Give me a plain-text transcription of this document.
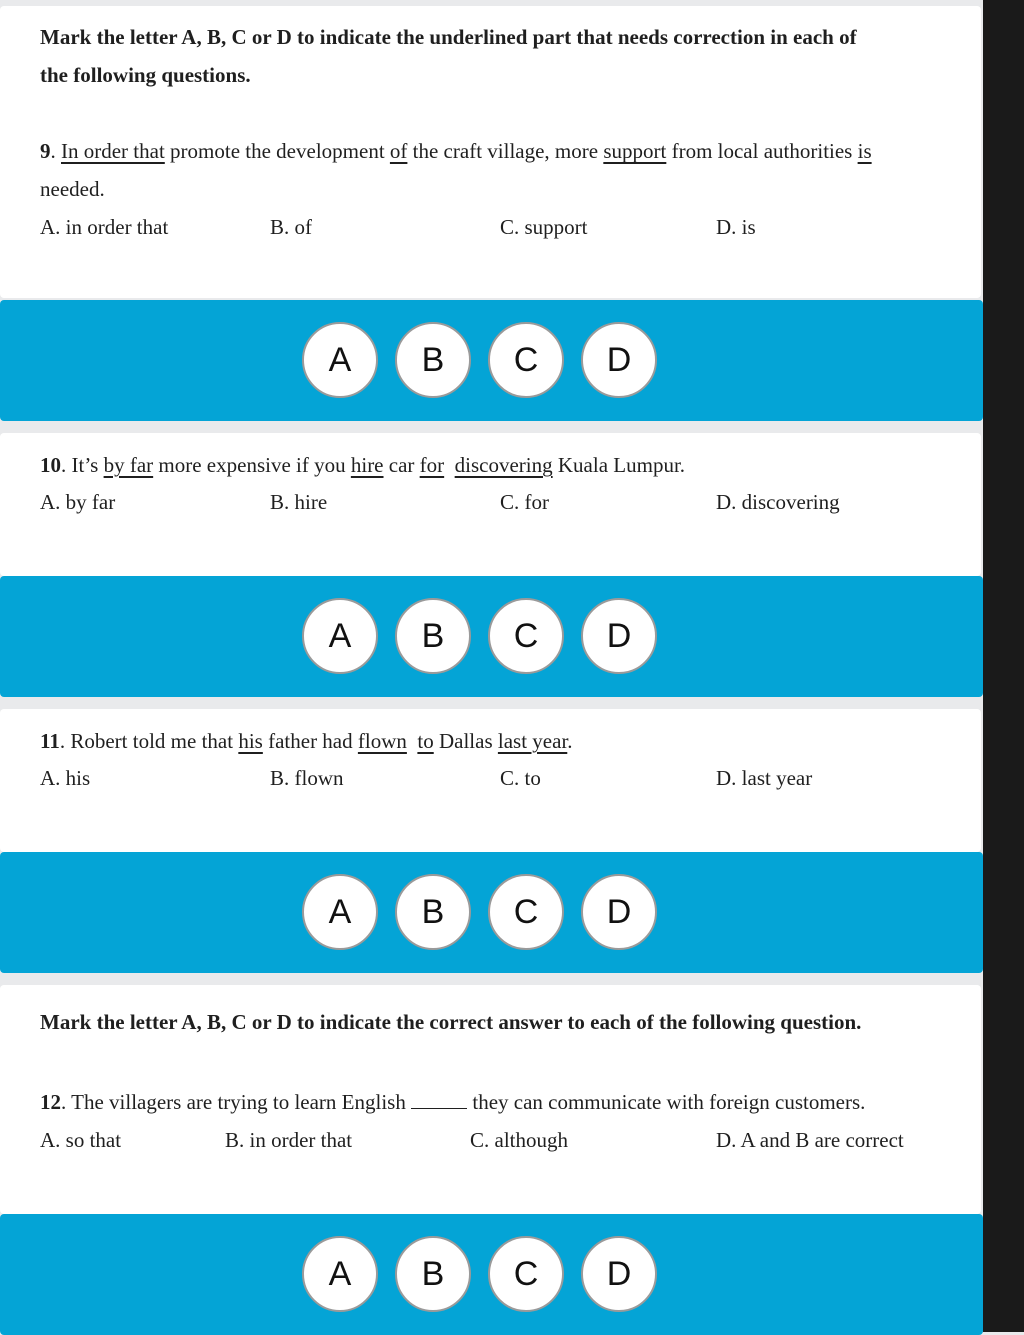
Mark the letter A, B, C or D to indicate the underlined part that needs correction in each of
the following questions.
9. In order that promote the development of the craft village, more support from local authorities is
needed.
A. in order that	B. of	C. support	D. is
A	B	C	D
10. It’s by far more expensive if you hire car for discovering Kuala Lumpur.
A. by far	B. hire	C. for	D. discovering
A	B	C	D
11. Robert told me that his father had flown to Dallas last year.
A. his	B. flown	C. to	D. last year
A	B	C	D
Mark the letter A, B, C or D to indicate the correct answer to each of the following question.
12. The villagers are trying to learn English	they can communicate with foreign customers.
A. so that	B. in order that	C. although	D. A and B are correct
A	B	C	D
